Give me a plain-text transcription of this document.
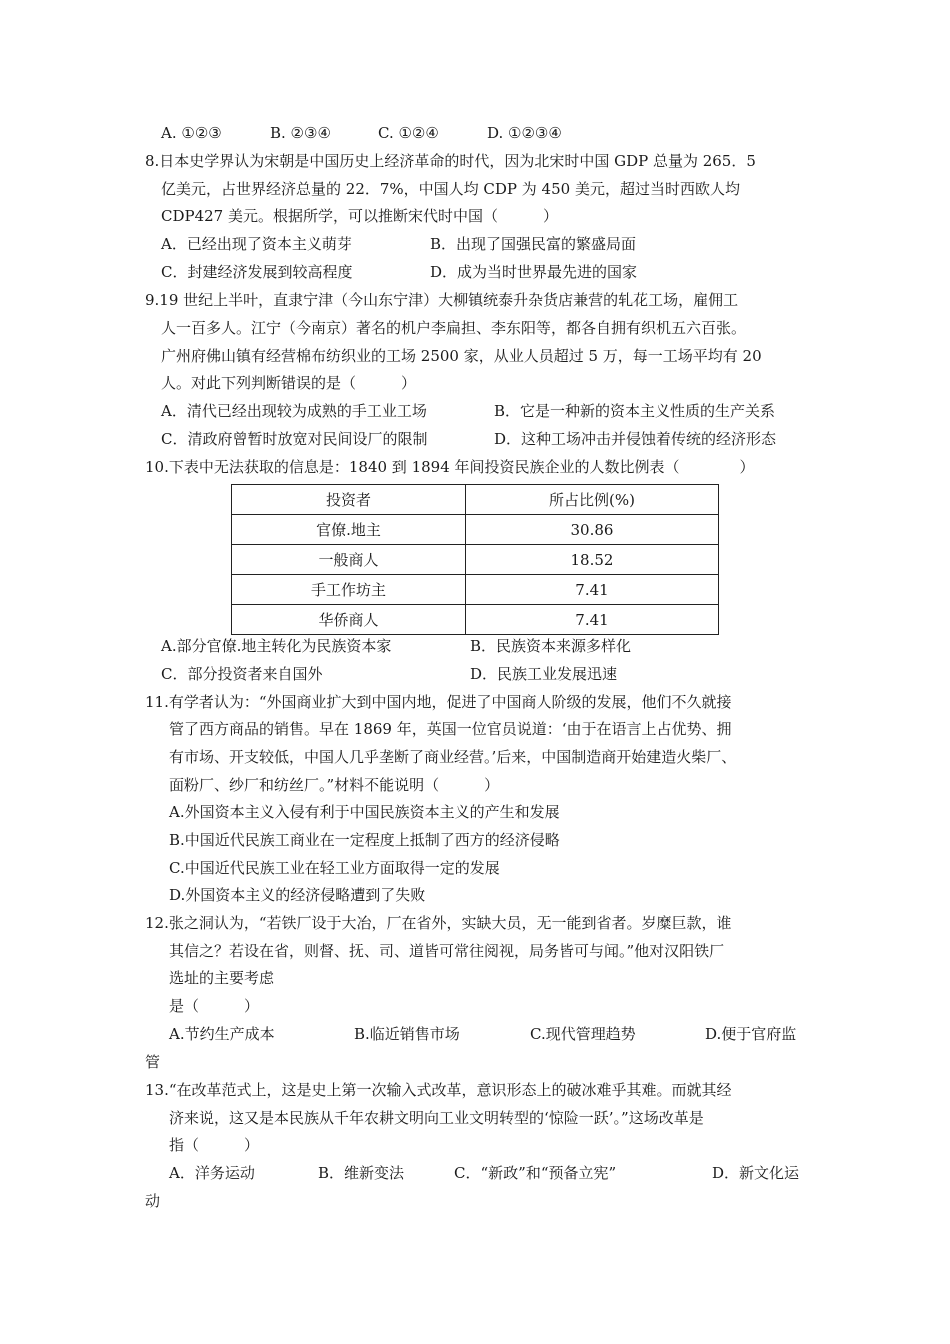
A. ①②③	B. ②③④	C. ①②④	D. ①②③④
8.日本史学界认为宋朝是中国历史上经济革命的时代，因为北宋时中国 GDP 总量为 265．5
亿美元，占世界经济总量的 22．7%，中国人均 CDP 为 450 美元，超过当时西欧人均
CDP427 美元。根据所学，可以推断宋代时中国（　　　）
A．已经出现了资本主义萌芽	B．出现了国强民富的繁盛局面
C．封建经济发展到较高程度	D．成为当时世界最先进的国家
9.19 世纪上半叶，直隶宁津（今山东宁津）大柳镇统泰升杂货店兼营的轧花工场，雇佣工
人一百多人。江宁（今南京）著名的机户李扁担、李东阳等，都各自拥有织机五六百张。
广州府佛山镇有经营棉布纺织业的工场 2500 家，从业人员超过 5 万，每一工场平均有 20
人。对此下列判断错误的是（　　　）
A．清代已经出现较为成熟的手工业工场	B．它是一种新的资本主义性质的生产关系
C．清政府曾暂时放宽对民间设厂的限制	D．这种工场冲击并侵蚀着传统的经济形态
10.下表中无法获取的信息是：1840 到 1894 年间投资民族企业的人数比例表（　　　　）
投资者	所占比例(%)
官僚.地主	30.86
一般商人	18.52
手工作坊主	7.41
华侨商人	7.41
A.部分官僚.地主转化为民族资本家	B．民族资本来源多样化
C．部分投资者来自国外	D．民族工业发展迅速
11.有学者认为：“外国商业扩大到中国内地，促进了中国商人阶级的发展，他们不久就接
管了西方商品的销售。早在 1869 年，英国一位官员说道：‘由于在语言上占优势、拥
有市场、开支较低，中国人几乎垄断了商业经营。’后来，中国制造商开始建造火柴厂、
面粉厂、纱厂和纺丝厂。”材料不能说明（　　　）
A.外国资本主义入侵有利于中国民族资本主义的产生和发展
B.中国近代民族工商业在一定程度上抵制了西方的经济侵略
C.中国近代民族工业在轻工业方面取得一定的发展
D.外国资本主义的经济侵略遭到了失败
12.张之洞认为，“若铁厂设于大冶，厂在省外，实缺大员，无一能到省者。岁糜巨款，谁
其信之？若设在省，则督、抚、司、道皆可常往阅视，局务皆可与闻。”他对汉阳铁厂
选址的主要考虑
是（　　　）
A.节约生产成本	B.临近销售市场	C.现代管理趋势	D.便于官府监
管
13.“在改革范式上，这是史上第一次输入式改革，意识形态上的破冰难乎其难。而就其经
济来说，这又是本民族从千年农耕文明向工业文明转型的‘惊险一跃’。”这场改革是
指（　　　）
A．洋务运动	B．维新变法	C．“新政”和“预备立宪”	D．新文化运
动
